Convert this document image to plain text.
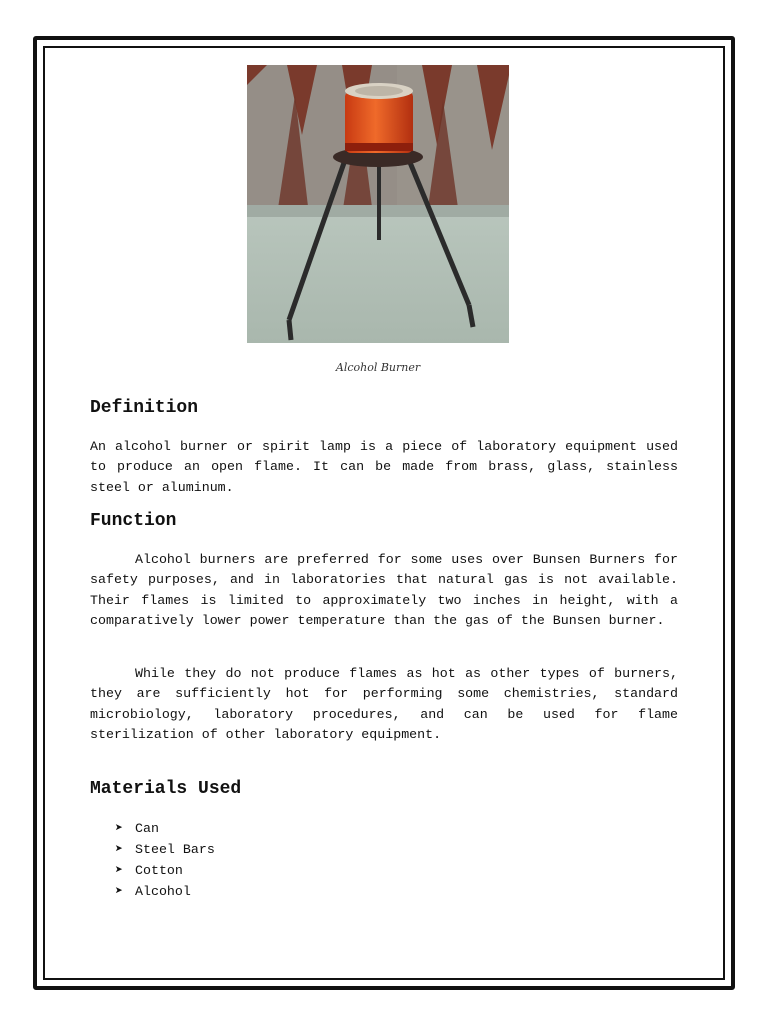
Alcohol Burner
Definition

An alcohol burner or spirit lamp is a piece of laboratory equipment used to produce an open flame. It can be made from brass, glass, stainless steel or aluminum.

Function

Alcohol burners are preferred for some uses over Bunsen Burners for safety purposes, and in laboratories that natural gas is not available. Their flames is limited to approximately two inches in height, with a comparatively lower power temperature than the gas of the Bunsen burner.

While they do not produce flames as hot as other types of burners, they are sufficiently hot for performing some chemistries, standard microbiology, laboratory procedures, and can be used for flame sterilization of other laboratory equipment.

Materials Used
➤ Can
➤ Steel Bars
➤ Cotton
➤ Alcohol
